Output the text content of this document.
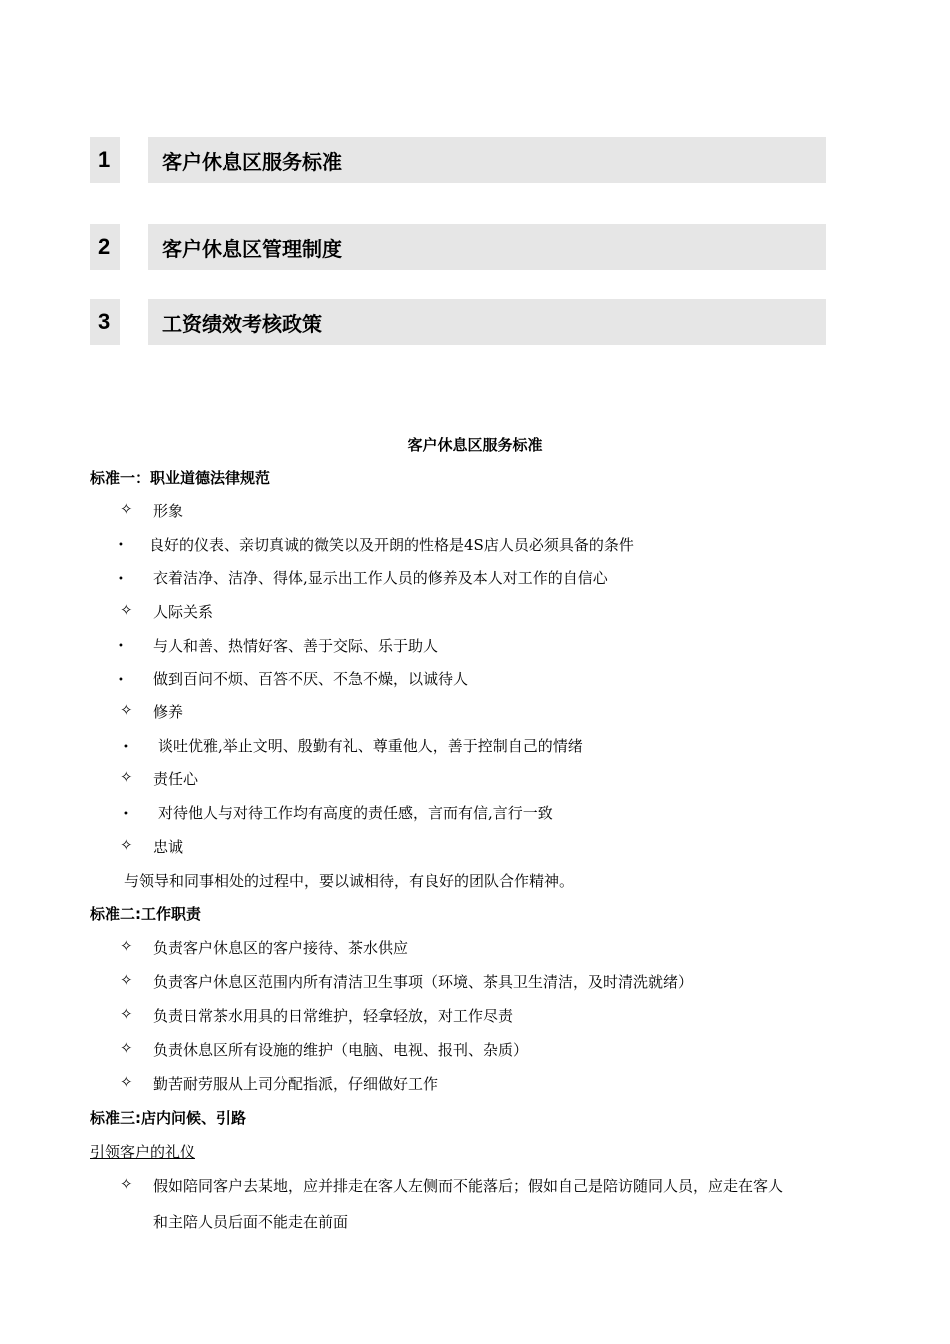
1	客户休息区服务标准
2	客户休息区管理制度
3	工资绩效考核政策
客户休息区服务标准
标准一：职业道德法律规范
✧ 形象
• 良好的仪表、亲切真诚的微笑以及开朗的性格是4S店人员必须具备的条件
• 衣着洁净、洁净、得体,显示出工作人员的修养及本人对工作的自信心
✧ 人际关系
• 与人和善、热情好客、善于交际、乐于助人
• 做到百问不烦、百答不厌、不急不燥，以诚待人
✧ 修养
• 谈吐优雅,举止文明、殷勤有礼、尊重他人，善于控制自己的情绪
✧ 责任心
• 对待他人与对待工作均有高度的责任感，言而有信,言行一致
✧ 忠诚
与领导和同事相处的过程中，要以诚相待，有良好的团队合作精神。
标准二:工作职责
✧ 负责客户休息区的客户接待、茶水供应
✧ 负责客户休息区范围内所有清洁卫生事项（环境、茶具卫生清洁，及时清洗就绪）
✧ 负责日常茶水用具的日常维护，轻拿轻放，对工作尽责
✧ 负责休息区所有设施的维护（电脑、电视、报刊、杂质）
✧ 勤苦耐劳服从上司分配指派，仔细做好工作
标准三:店内问候、引路
引领客户的礼仪
✧ 假如陪同客户去某地，应并排走在客人左侧而不能落后；假如自己是陪访随同人员，应走在客人
和主陪人员后面不能走在前面
